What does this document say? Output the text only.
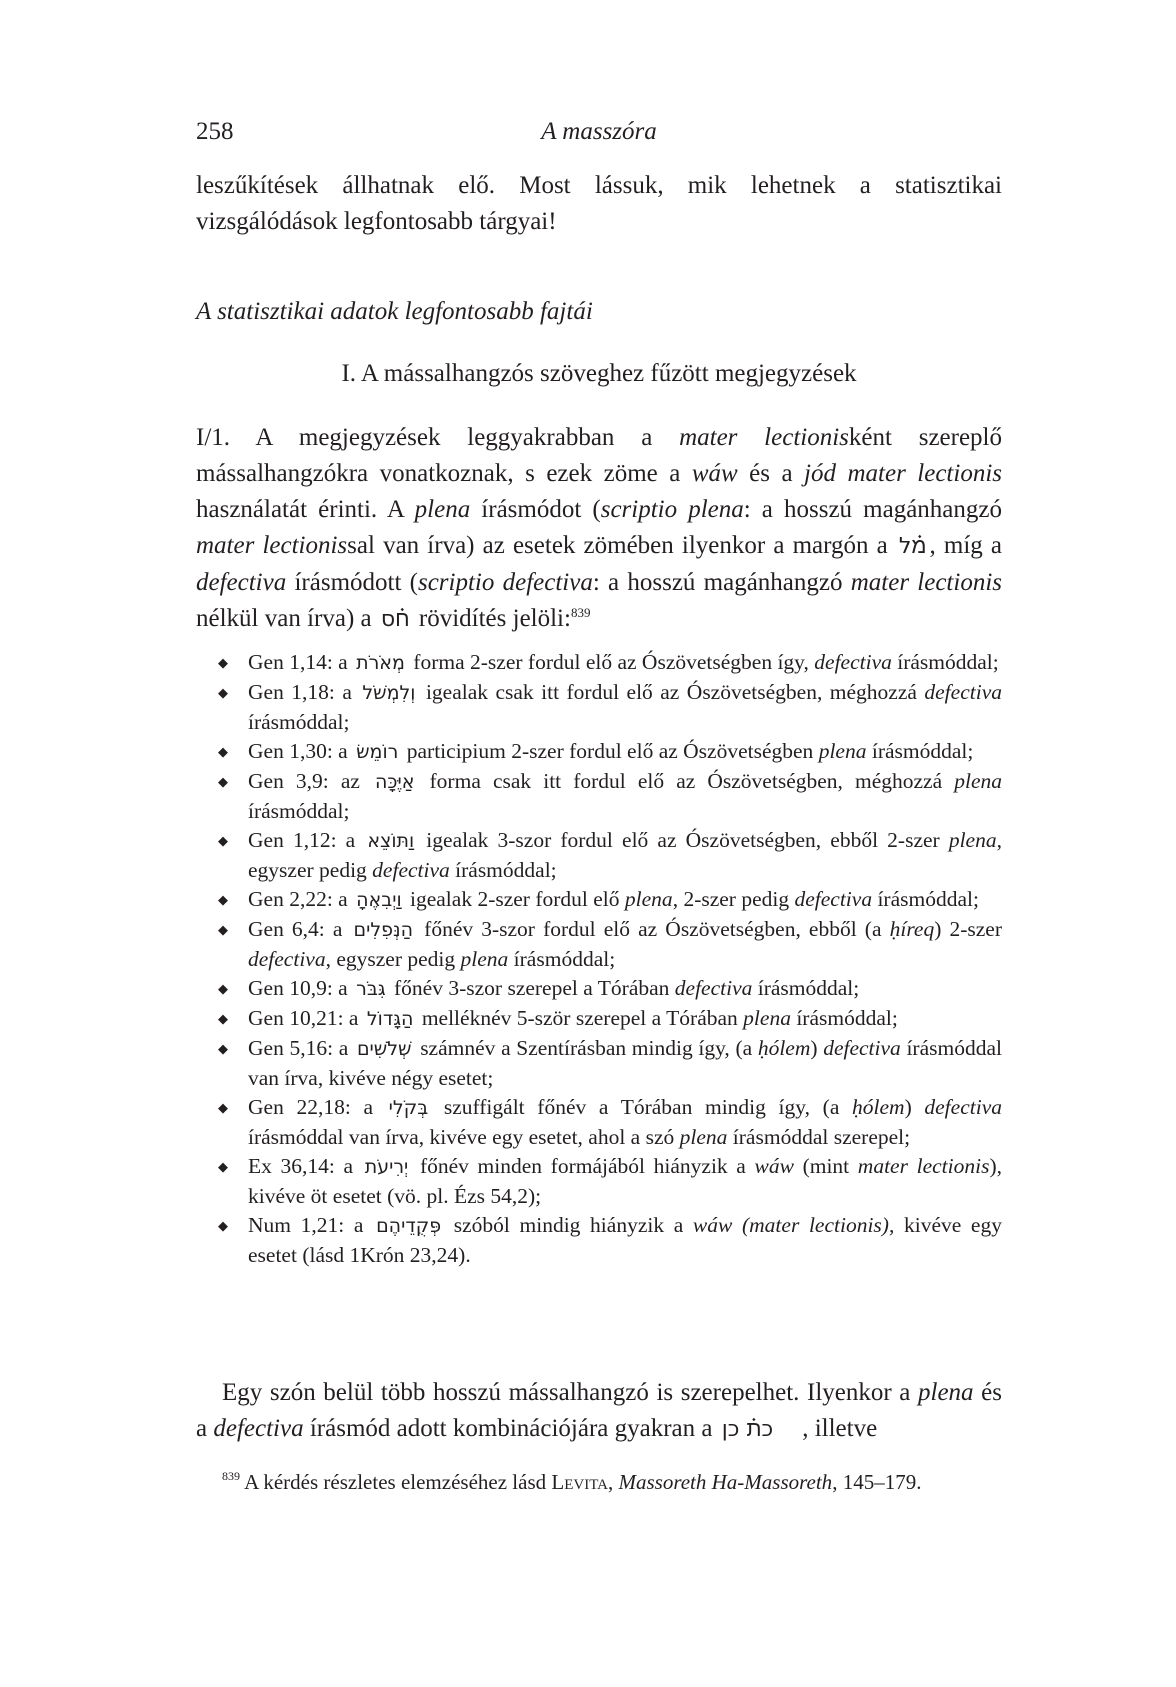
258	A masszóra

leszűkítések állhatnak elő. Most lássuk, mik lehetnek a statisztikai vizsgálódások legfontosabb tárgyai!

A statisztikai adatok legfontosabb fajtái
I. A mássalhangzós szöveghez fűzött megjegyzések

I/1. A megjegyzések leggyakrabban a mater lectionisként szereplő mássalhangzókra vonatkoznak, s ezek zöme a wáw és a jód mater lectionis használatát érinti. A plena írásmódot (scriptio plena: a hosszú magánhangzó mater lectionissal van írva) az esetek zömében ilyenkor a margón a מ֗ל , míg a defectiva írásmódott (scriptio defectiva: a hosszú magánhangzó mater lectionis nélkül van írva) a ח֗ס rövidítés jelöli:$^{839}$

◆ Gen 1,14: a מְאֹרֹת forma 2-szer fordul elő az Ószövetségben így, defectiva írásmóddal;
◆ Gen 1,18: a וְלִמְשֹׁל igealak csak itt fordul elő az Ószövetségben, méghozzá defectiva írásmóddal;
◆ Gen 1,30: a רוֹמֵשׂ participium 2-szer fordul elő az Ószövetségben plena írásmóddal;
◆ Gen 3,9: az אַיֶּכָּה forma csak itt fordul elő az Ószövetségben, méghozzá plena írásmóddal;
◆ Gen 1,12: a וַתּוֹצֵא igealak 3-szor fordul elő az Ószövetségben, ebből 2-szer plena, egyszer pedig defectiva írásmóddal;
◆ Gen 2,22: a וַיְבִאֶהָ igealak 2-szer fordul elő plena, 2-szer pedig defectiva írásmóddal;
◆ Gen 6,4: a הַנְּפִלִים főnév 3-szor fordul elő az Ószövetségben, ebből (a ḥíreq) 2-szer defectiva, egyszer pedig plena írásmóddal;
◆ Gen 10,9: a גִּבֹּר főnév 3-szor szerepel a Tórában defectiva írásmóddal;
◆ Gen 10,21: a הַגָּדוֹל melléknév 5-ször szerepel a Tórában plena írásmóddal;
◆ Gen 5,16: a שְׁלֹשִׁים számnév a Szentírásban mindig így, (a ḥólem) defectiva írásmóddal van írva, kivéve négy esetet;
◆ Gen 22,18: a בְּקֹלִי szuffigált főnév a Tórában mindig így, (a ḥólem) defectiva írásmóddal van írva, kivéve egy esetet, ahol a szó plena írásmóddal szerepel;
◆ Ex 36,14: a יְרִיעֹת főnév minden formájából hiányzik a wáw (mint mater lectionis), kivéve öt esetet (vö. pl. Ézs 54,2);
◆ Num 1,21: a פְּקֻדֵיהֶם szóból mindig hiányzik a wáw (mater lectionis), kivéve egy esetet (lásd 1Krón 23,24).

Egy szón belül több hosszú mássalhangzó is szerepelhet. Ilyenkor a plena és a defectiva írásmód adott kombinációjára gyakran a כת֗ כן , illetve

$^{839}$ A kérdés részletes elemzéséhez lásd Levita, Massoreth Ha-Massoreth, 145–179.
